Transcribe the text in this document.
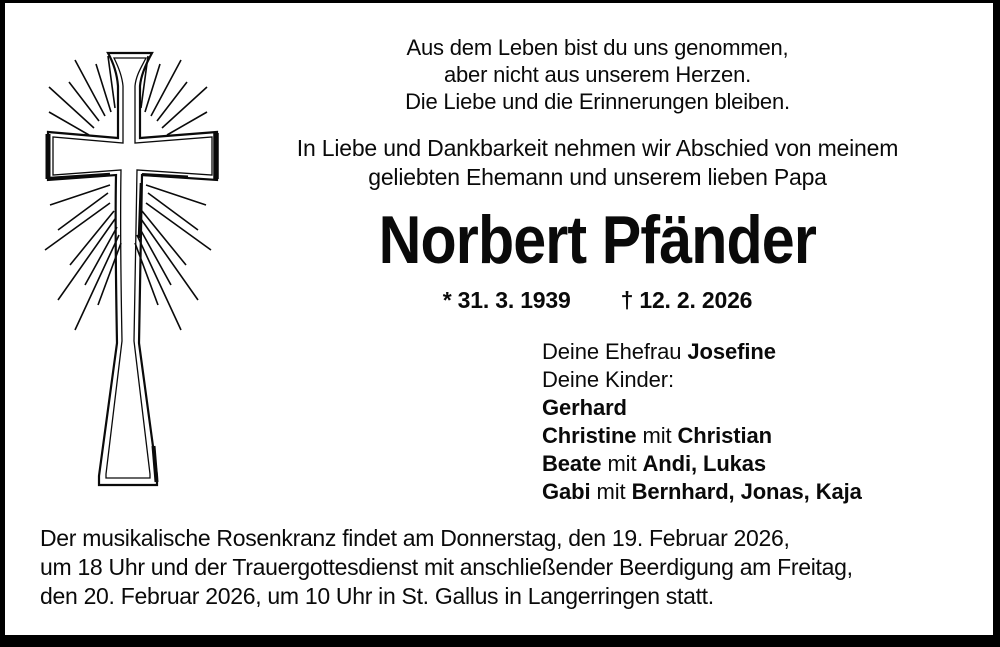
Aus dem Leben bist du uns genommen,
aber nicht aus unserem Herzen.
Die Liebe und die Erinnerungen bleiben.
In Liebe und Dankbarkeit nehmen wir Abschied von meinem
geliebten Ehemann und unserem lieben Papa
Norbert Pfänder
* 31. 3. 1939 † 12. 2. 2026
Deine Ehefrau Josefine
Deine Kinder:
Gerhard
Christine mit Christian
Beate mit Andi, Lukas
Gabi mit Bernhard, Jonas, Kaja
Der musikalische Rosenkranz findet am Donnerstag, den 19. Februar 2026,
um 18 Uhr und der Trauergottesdienst mit anschließender Beerdigung am Freitag,
den 20. Februar 2026, um 10 Uhr in St. Gallus in Langerringen statt.
